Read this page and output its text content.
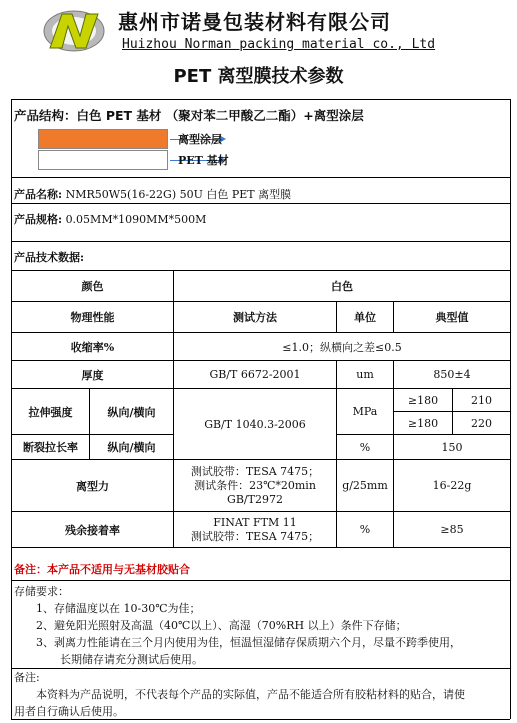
惠州市诺曼包装材料有限公司
Huizhou Norman packing material co., Ltd
PET 离型膜技术参数
产品结构：白色 PET 基材 （聚对苯二甲酸乙二酯）+离型涂层
离型涂层
PET 基材
产品名称: NMR50W5(16-22G) 50U 白色 PET 离型膜
产品规格: 0.05MM*1090MM*500M
产品技术数据:
颜色		白色			
物理性能		测试方法	单位	典型值	
收缩率%		≤1.0；纵横向之差≤0.5			
厚度		GB/T 6672-2001	um	850±4	
拉伸强度	纵向/横向	GB/T 1040.3-2006	MPa	≥180	210
				≥180	220
断裂拉长率	纵向/横向		%	150	
离型力		测试胶带：TESA 7475；
测试条件：23℃*20min
GB/T2972	g/25mm	16-22g	
残余接着率		FINAT FTM 11
测试胶带：TESA 7475；	%	≥85	
备注：本产品不适用与无基材胶贴合
存储要求：
1、存储温度以在 10-30℃为佳；
2、避免阳光照射及高温（40℃以上）、高湿（70%RH 以上）条件下存储；
3、剥离力性能请在三个月内使用为佳，恒温恒湿储存保质期六个月，尽量不跨季使用，
长期储存请充分测试后使用。
备注:
本资料为产品说明，不代表每个产品的实际值，产品不能适合所有胶粘材料的贴合，请使
用者自行确认后使用。
